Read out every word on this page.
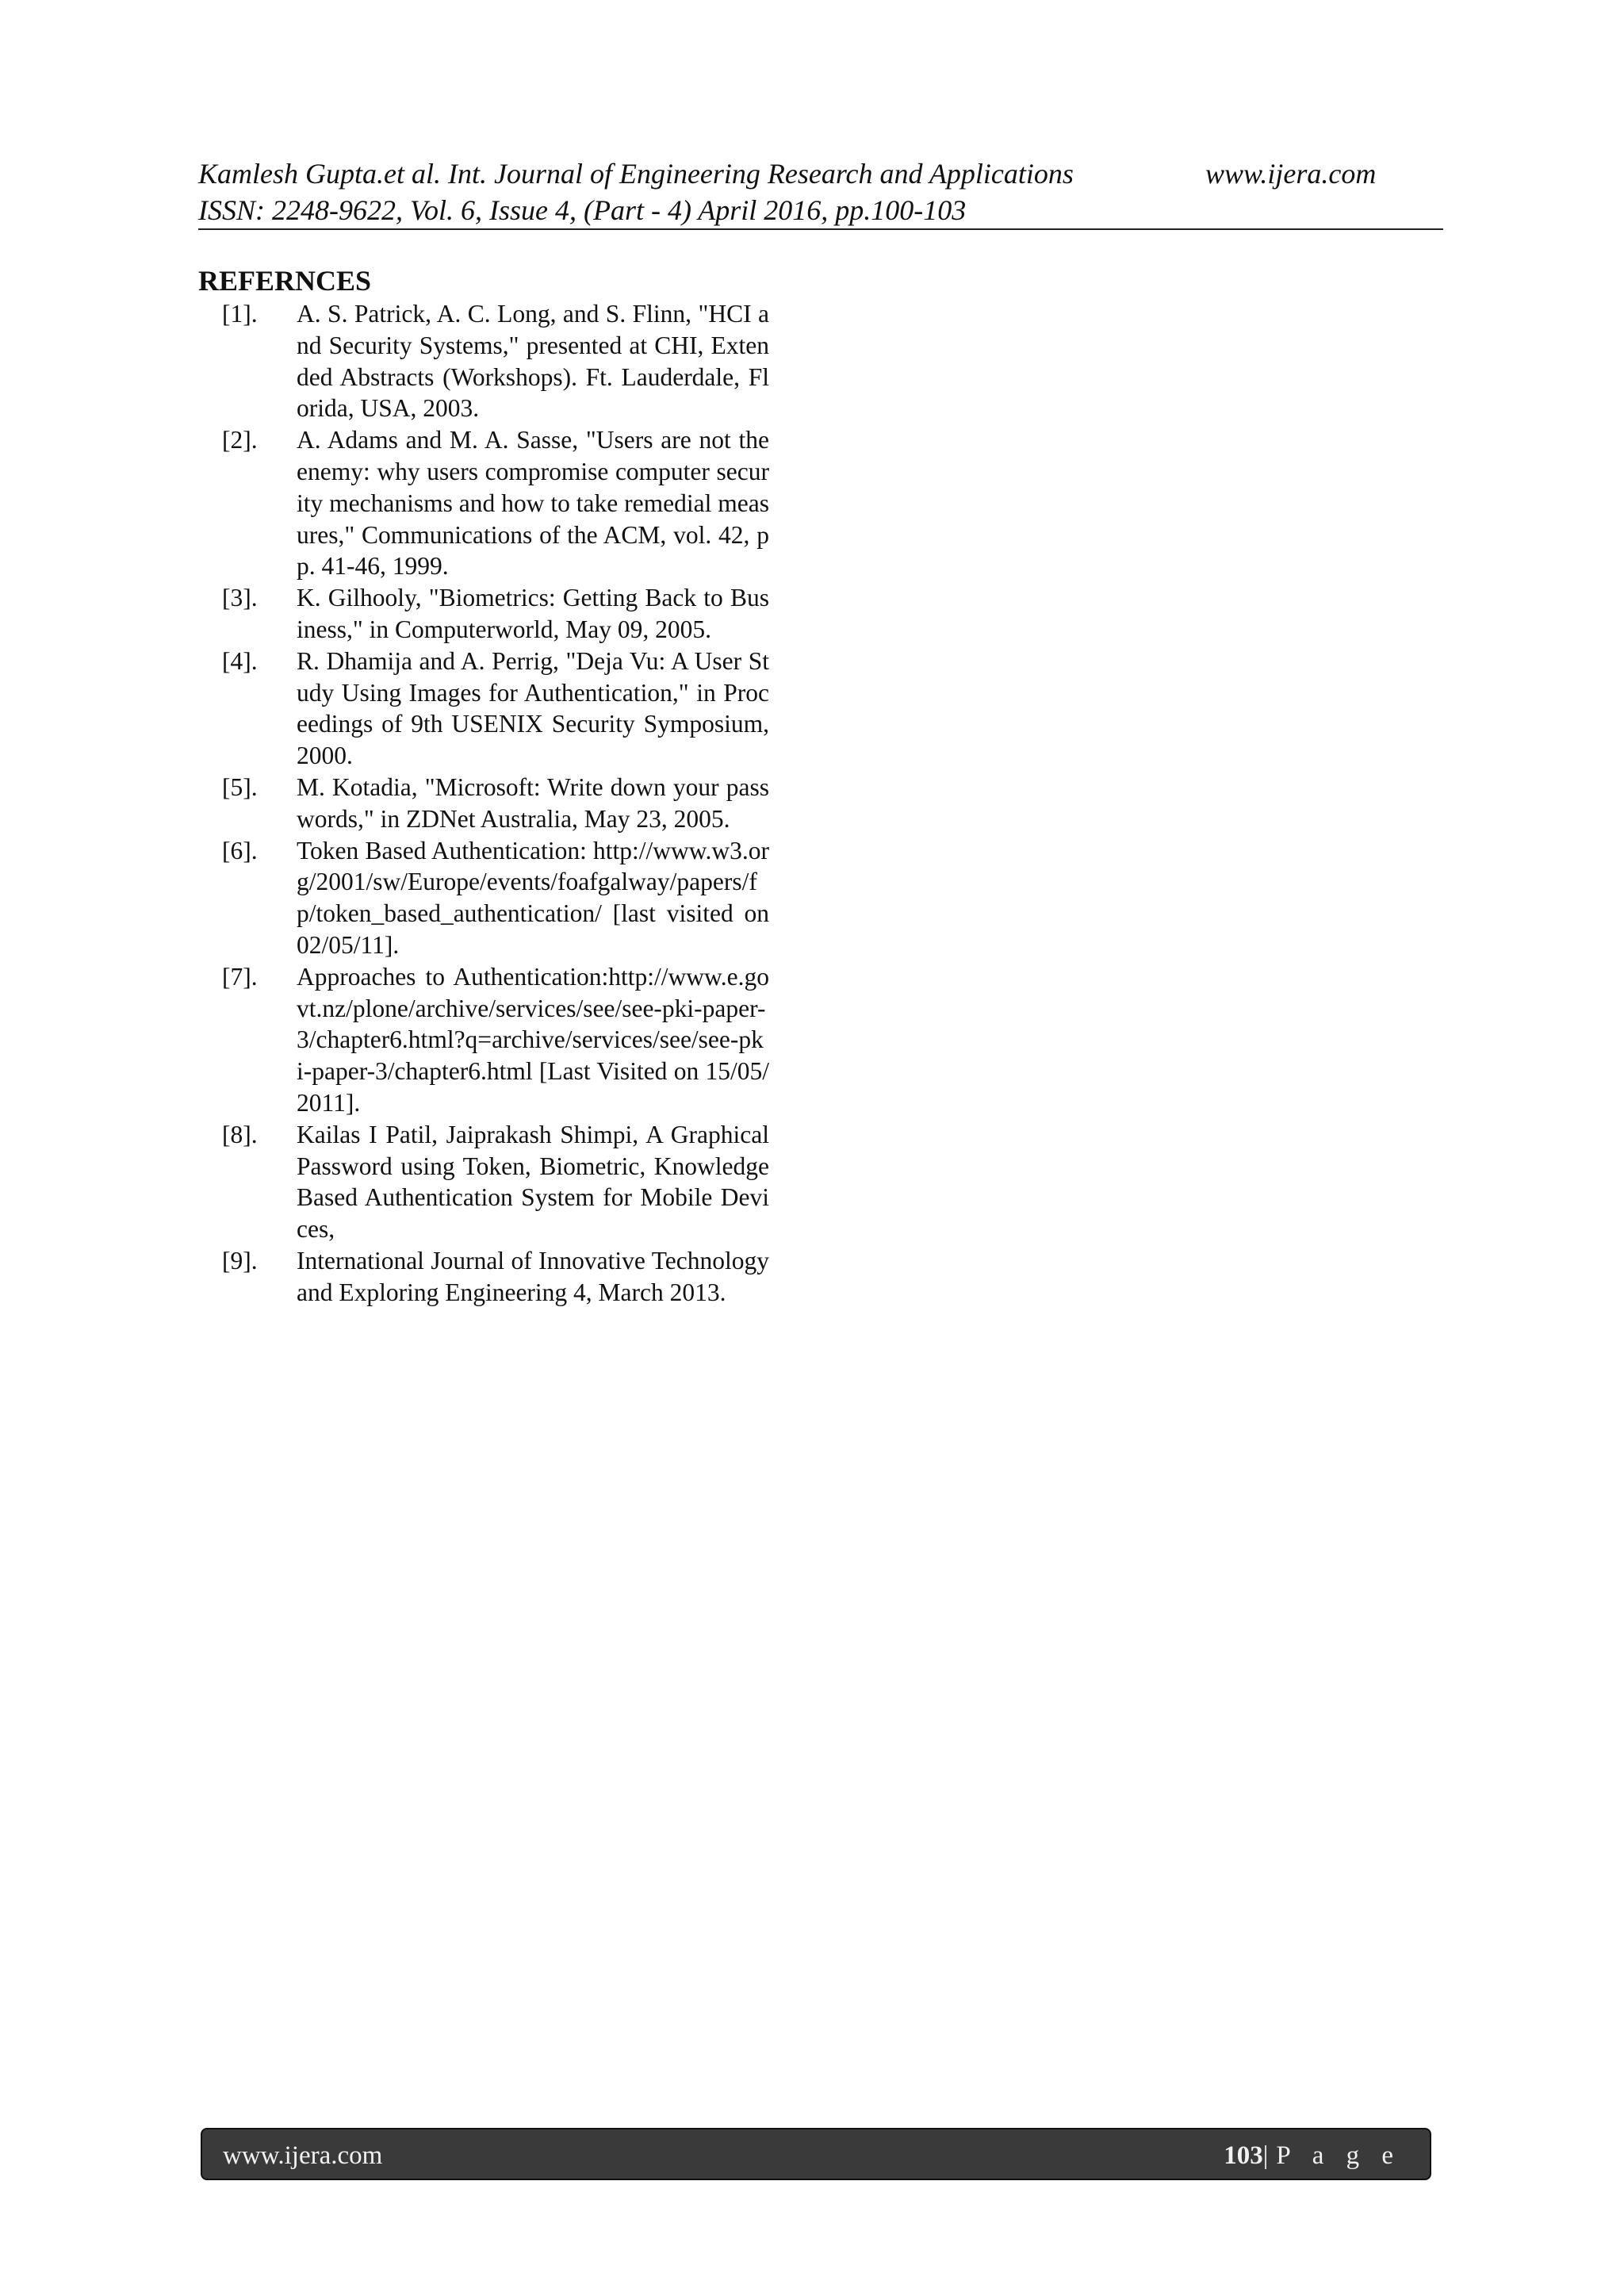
Kamlesh Gupta.et al. Int. Journal of Engineering Research and Applications	www.ijera.com
ISSN: 2248-9622, Vol. 6, Issue 4, (Part - 4) April 2016, pp.100-103
REFERNCES
[1].	A. S. Patrick, A. C. Long, and S. Flinn, "HCI and Security Systems," presented at CHI, Extended Abstracts (Workshops). Ft. Lauderdale, Florida, USA, 2003.
[2].	A. Adams and M. A. Sasse, "Users are not the enemy: why users compromise computer security mechanisms and how to take remedial measures," Communications of the ACM, vol. 42, pp. 41-46, 1999.
[3].	K. Gilhooly, "Biometrics: Getting Back to Business," in Computerworld, May 09, 2005.
[4].	R. Dhamija and A. Perrig, "Deja Vu: A User Study Using Images for Authentication," in Proceedings of 9th USENIX Security Symposium, 2000.
[5].	M. Kotadia, "Microsoft: Write down your passwords," in ZDNet Australia, May 23, 2005.
[6].	Token Based Authentication: http://www.w3.org/2001/sw/Europe/events/foafgalway/papers/fp/token_based_authentication/ [last visited on 02/05/11].
[7].	Approaches to Authentication:http://www.e.govt.nz/plone/archive/services/see/see-pki-paper-3/chapter6.html?q=archive/services/see/see-pki-paper-3/chapter6.html [Last Visited on 15/05/2011].
[8].	Kailas I Patil, Jaiprakash Shimpi, A Graphical Password using Token, Biometric, Knowledge Based Authentication System for Mobile Devices,
[9].	International Journal of Innovative Technology and Exploring Engineering 4, March 2013.
www.ijera.com	103|P a g e
